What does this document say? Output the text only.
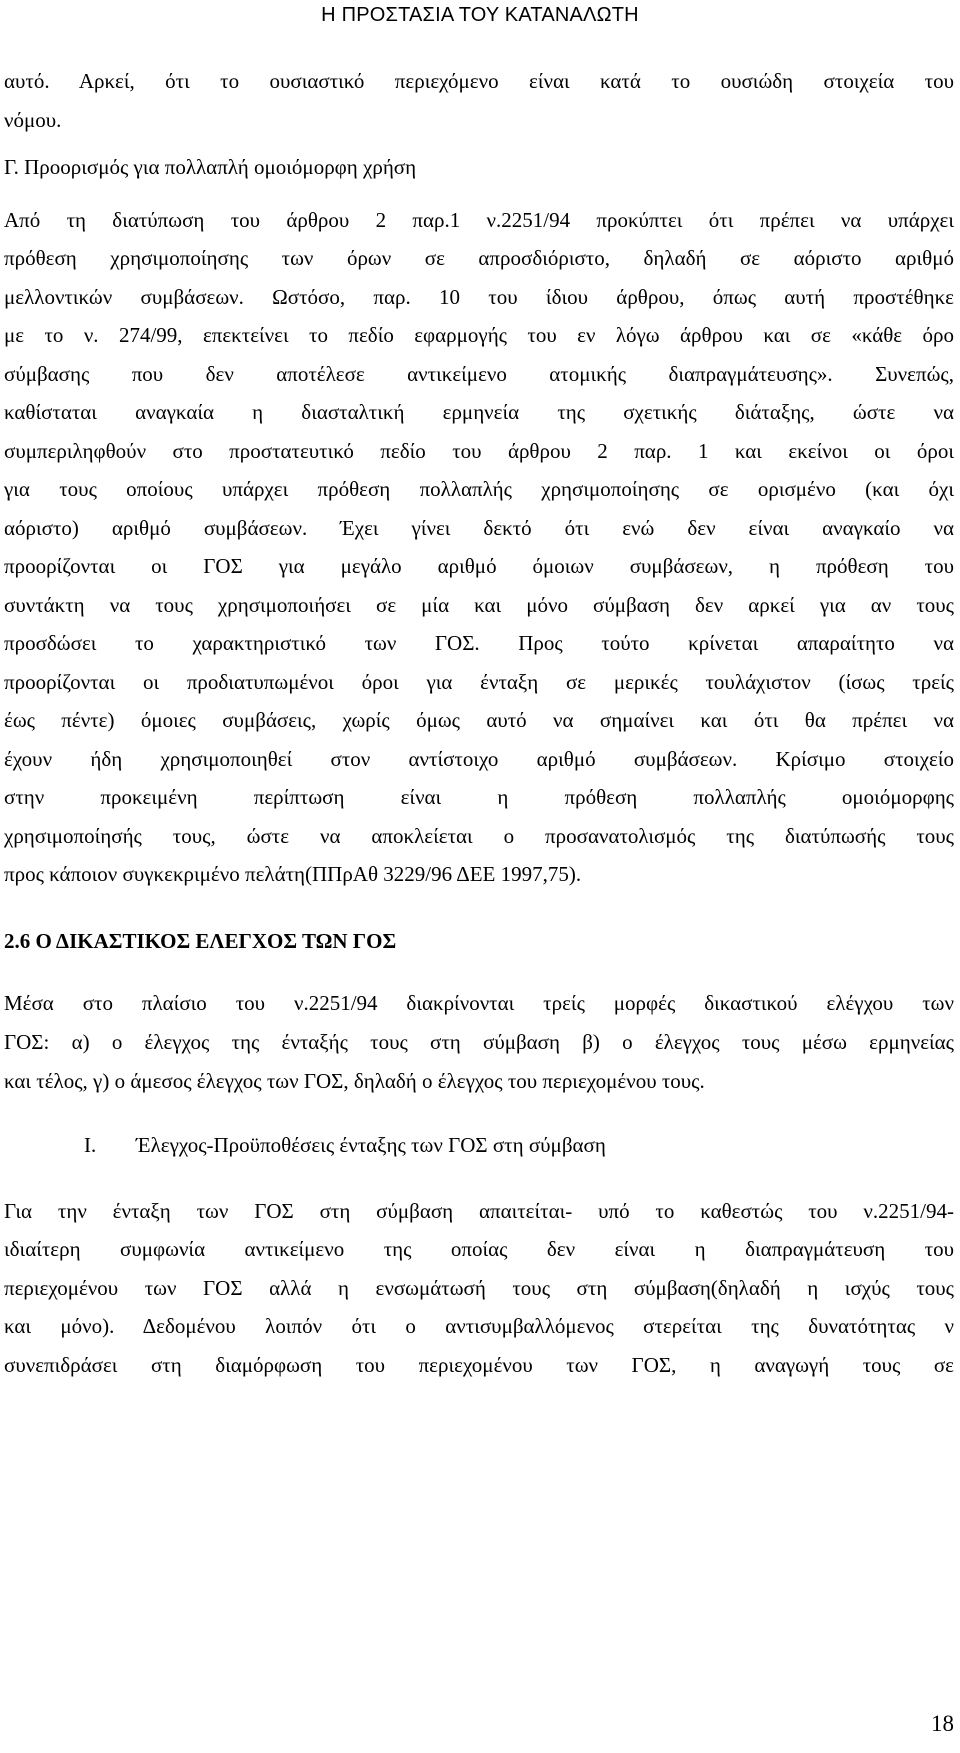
Η ΠΡΟΣΤΑΣΙΑ ΤΟΥ ΚΑΤΑΝΑΛΩΤΗ
αυτό. Αρκεί, ότι το ουσιαστικό περιεχόμενο είναι κατά το ουσιώδη στοιχεία του
νόμου.
Γ. Προορισμός για πολλαπλή ομοιόμορφη χρήση
Από τη διατύπωση του άρθρου 2 παρ.1 ν.2251/94 προκύπτει ότι πρέπει να υπάρχει
πρόθεση χρησιμοποίησης των όρων σε απροσδιόριστο, δηλαδή σε αόριστο αριθμό
μελλοντικών συμβάσεων. Ωστόσο, παρ. 10 του ίδιου άρθρου, όπως αυτή προστέθηκε
με το ν. 274/99, επεκτείνει το πεδίο εφαρμογής του εν λόγω άρθρου και σε «κάθε όρο
σύμβασης που δεν αποτέλεσε αντικείμενο ατομικής διαπραγμάτευσης». Συνεπώς,
καθίσταται αναγκαία η διασταλτική ερμηνεία της σχετικής διάταξης, ώστε να
συμπεριληφθούν στο προστατευτικό πεδίο του άρθρου 2 παρ. 1 και εκείνοι οι όροι
για τους οποίους υπάρχει πρόθεση πολλαπλής χρησιμοποίησης σε ορισμένο (και όχι
αόριστο) αριθμό συμβάσεων. Έχει γίνει δεκτό ότι ενώ δεν είναι αναγκαίο να
προορίζονται οι ΓΟΣ για μεγάλο αριθμό όμοιων συμβάσεων, η πρόθεση του
συντάκτη να τους χρησιμοποιήσει σε μία και μόνο σύμβαση δεν αρκεί για αν τους
προσδώσει το χαρακτηριστικό των ΓΟΣ. Προς τούτο κρίνεται απαραίτητο να
προορίζονται οι προδιατυπωμένοι όροι για ένταξη σε μερικές τουλάχιστον (ίσως τρείς
έως πέντε) όμοιες συμβάσεις, χωρίς όμως αυτό να σημαίνει και ότι θα πρέπει να
έχουν ήδη χρησιμοποιηθεί στον αντίστοιχο αριθμό συμβάσεων. Κρίσιμο στοιχείο
στην προκειμένη περίπτωση είναι η πρόθεση πολλαπλής ομοιόμορφης
χρησιμοποίησής τους, ώστε να αποκλείεται ο προσανατολισμός της διατύπωσής τους
προς κάποιον συγκεκριμένο πελάτη(ΠΠρΑθ 3229/96 ΔΕΕ 1997,75).
2.6 Ο ΔΙΚΑΣΤΙΚΟΣ ΕΛΕΓΧΟΣ ΤΩΝ ΓΟΣ
Μέσα στο πλαίσιο του ν.2251/94 διακρίνονται τρείς μορφές δικαστικού ελέγχου των
ΓΟΣ: α) ο έλεγχος της ένταξής τους στη σύμβαση β) ο έλεγχος τους μέσω ερμηνείας
και τέλος, γ) ο άμεσος έλεγχος των ΓΟΣ, δηλαδή ο έλεγχος του περιεχομένου τους.
Ι. Έλεγχος-Προϋποθέσεις ένταξης των ΓΟΣ στη σύμβαση
Για την ένταξη των ΓΟΣ στη σύμβαση απαιτείται- υπό το καθεστώς του ν.2251/94-
ιδιαίτερη συμφωνία αντικείμενο της οποίας δεν είναι η διαπραγμάτευση του
περιεχομένου των ΓΟΣ αλλά η ενσωμάτωσή τους στη σύμβαση(δηλαδή η ισχύς τους
και μόνο). Δεδομένου λοιπόν ότι ο αντισυμβαλλόμενος στερείται της δυνατότητας ν
συνεπιδράσει στη διαμόρφωση του περιεχομένου των ΓΟΣ, η αναγωγή τους σε
18
